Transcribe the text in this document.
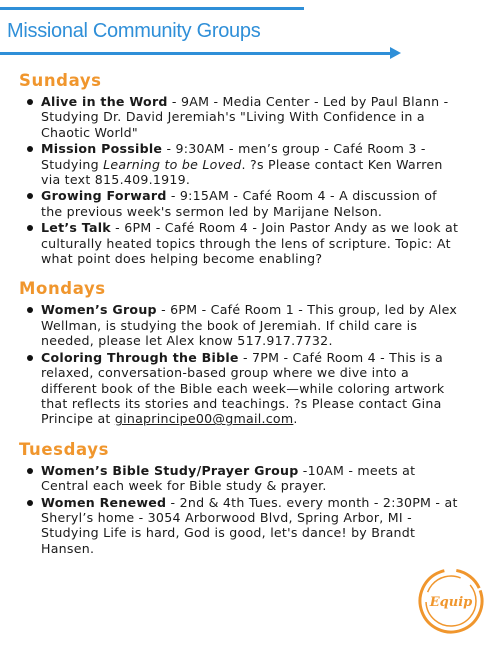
Missional Community Groups
Sundays
Alive in the Word - 9AM - Media Center - Led by Paul Blann - Studying Dr. David Jeremiah's "Living With Confidence in a Chaotic World"
Mission Possible - 9:30AM - men’s group - Café Room 3 - Studying Learning to be Loved. ?s Please contact Ken Warren via text 815.409.1919.
Growing Forward - 9:15AM - Café Room 4 - A discussion of the previous week's sermon led by Marijane Nelson.
Let’s Talk - 6PM - Café Room 4 - Join Pastor Andy as we look at culturally heated topics through the lens of scripture. Topic: At what point does helping become enabling?
Mondays
Women’s Group - 6PM - Café Room 1 - This group, led by Alex Wellman, is studying the book of Jeremiah. If child care is needed, please let Alex know 517.917.7732.
Coloring Through the Bible - 7PM - Café Room 4 - This is a relaxed, conversation-based group where we dive into a different book of the Bible each week—while coloring artwork that reflects its stories and teachings. ?s Please contact Gina Principe at ginaprincipe00@gmail.com.
Tuesdays
Women’s Bible Study/Prayer Group -10AM - meets at Central each week for Bible study & prayer.
Women Renewed - 2nd & 4th Tues. every month - 2:30PM - at Sheryl’s home - 3054 Arborwood Blvd, Spring Arbor, MI - Studying Life is hard, God is good, let's dance! by Brandt Hansen.
Equip
